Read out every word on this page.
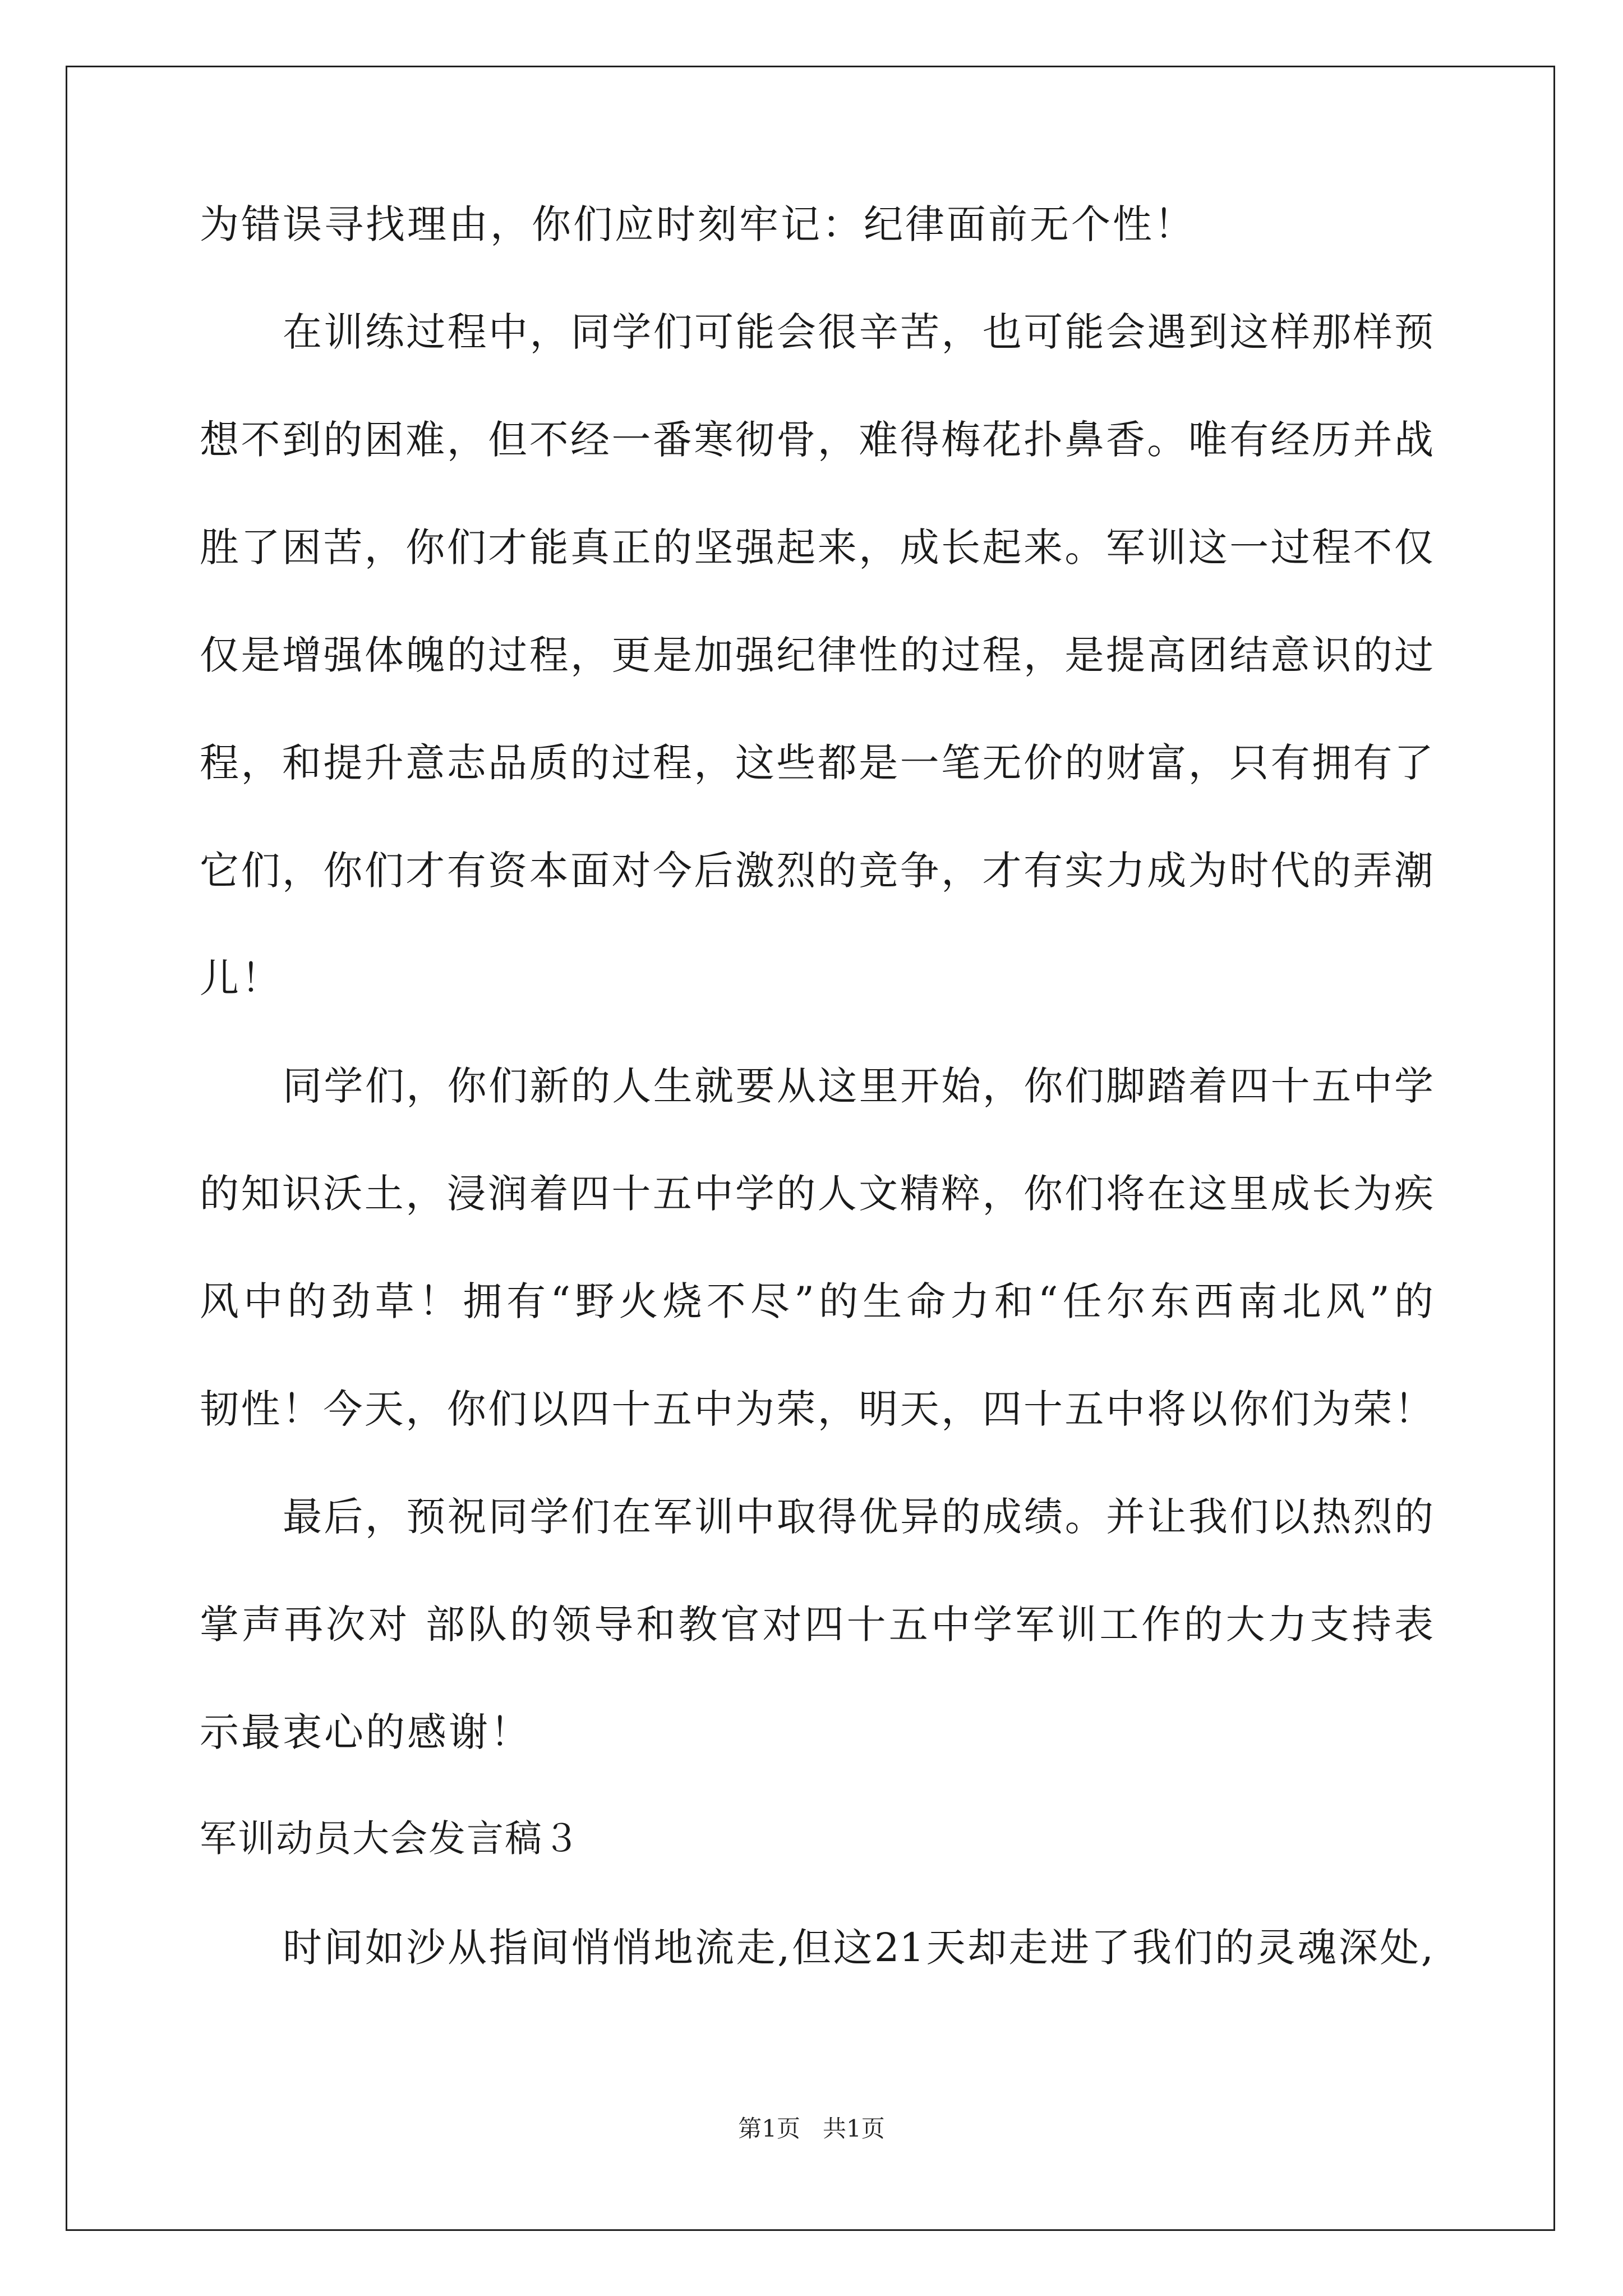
为错误寻找理由，你们应时刻牢记：纪律面前无个性！
在训练过程中，同学们可能会很辛苦，也可能会遇到这样那样预
想不到的困难，但不经一番寒彻骨，难得梅花扑鼻香。唯有经历并战
胜了困苦，你们才能真正的坚强起来，成长起来。军训这一过程不仅
仅是增强体魄的过程，更是加强纪律性的过程，是提高团结意识的过
程，和提升意志品质的过程，这些都是一笔无价的财富，只有拥有了
它们，你们才有资本面对今后激烈的竞争，才有实力成为时代的弄潮
儿！
同学们，你们新的人生就要从这里开始，你们脚踏着四十五中学
的知识沃土，浸润着四十五中学的人文精粹，你们将在这里成长为疾
风中的劲草！拥有“野火烧不尽”的生命力和“任尔东西南北风”的
韧性！今天，你们以四十五中为荣，明天，四十五中将以你们为荣！
最后，预祝同学们在军训中取得优异的成绩。并让我们以热烈的
掌声再次对 部队的领导和教官对四十五中学军训工作的大力支持表
示最衷心的感谢！
军训动员大会发言稿３
时间如沙从指间悄悄地流走,但这21天却走进了我们的灵魂深处,
第1页   共1页
